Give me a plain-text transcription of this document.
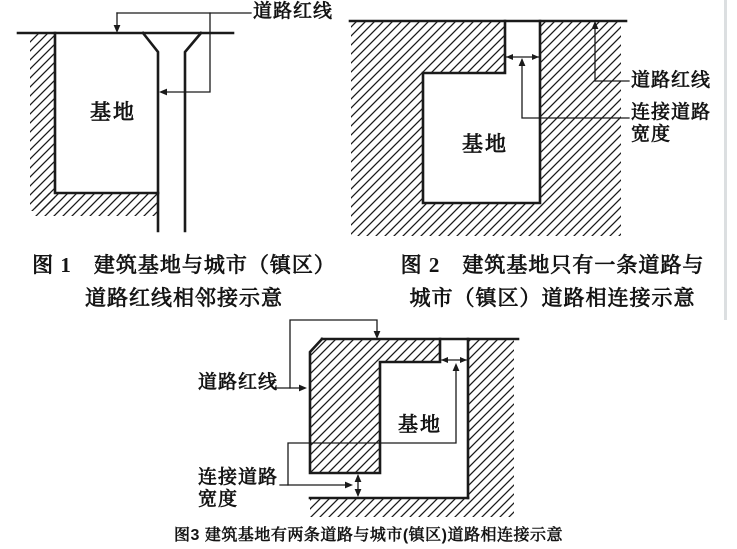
道路红线
基地
图 1　建筑基地与城市（镇区）
道路红线相邻接示意
道路红线
连接道路
宽度
基地
图 2　建筑基地只有一条道路与
城市（镇区）道路相连接示意
道路红线
连接道路
宽度
基地
图3 建筑基地有两条道路与城市(镇区)道路相连接示意
